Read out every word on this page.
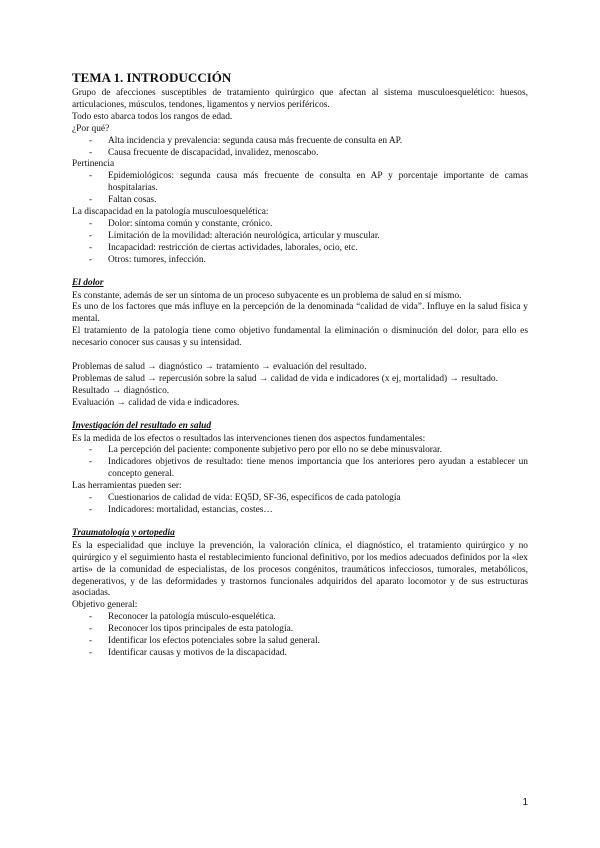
TEMA 1. INTRODUCCIÓN

Grupo de afecciones susceptibles de tratamiento quirúrgico que afectan al sistema musculoesquelético: huesos, articulaciones, músculos, tendones, ligamentos y nervios periféricos.

Todo esto abarca todos los rangos de edad.

¿Por qué?

- Alta incidencia y prevalencia: segunda causa más frecuente de consulta en AP.
- Causa frecuente de discapacidad, invalidez, menoscabo.

Pertinencia

- Epidemiológicos: segunda causa más frecuente de consulta en AP y porcentaje importante de camas hospitalarias.
- Faltan cosas.

La discapacidad en la patología musculoesquelética:

- Dolor: síntoma común y constante, crónico.
- Limitación de la movilidad: alteración neurológica, articular y muscular.
- Incapacidad: restricción de ciertas actividades, laborales, ocio, etc.
- Otros: tumores, infección.

El dolor

Es constante, además de ser un síntoma de un proceso subyacente es un problema de salud en sí mismo.

Es uno de los factores que más influye en la percepción de la denominada “calidad de vida”. Influye en la salud física y mental.

El tratamiento de la patología tiene como objetivo fundamental la eliminación o disminución del dolor, para ello es necesario conocer sus causas y su intensidad.

Problemas de salud → diagnóstico → tratamiento → evaluación del resultado.

Problemas de salud → repercusión sobre la salud → calidad de vida e indicadores (x ej, mortalidad) → resultado.

Resultado → diagnóstico.

Evaluación → calidad de vida e indicadores.

Investigación del resultado en salud

Es la medida de los efectos o resultados las intervenciones tienen dos aspectos fundamentales:

- La percepción del paciente: componente subjetivo pero por ello no se debe minusvalorar.
- Indicadores objetivos de resultado: tiene menos importancia que los anteriores pero ayudan a establecer un concepto general.

Las herramientas pueden ser:

- Cuestionarios de calidad de vida: EQ5D, SF-36, específicos de cada patología
- Indicadores: mortalidad, estancias, costes…

Traumatología y ortopedia

Es la especialidad que incluye la prevención, la valoración clínica, el diagnóstico, el tratamiento quirúrgico y no quirúrgico y el seguimiento hasta el restablecimiento funcional definitivo, por los medios adecuados definidos por la «lex artis» de la comunidad de especialistas, de los procesos congénitos, traumáticos infecciosos, tumorales, metabólicos, degenerativos, y de las deformidades y trastornos funcionales adquiridos del aparato locomotor y de sus estructuras asociadas.

Objetivo general:

- Reconocer la patología músculo-esquelética.
- Reconocer los tipos principales de esta patología.
- Identificar los efectos potenciales sobre la salud general.
- Identificar causas y motivos de la discapacidad.
1
